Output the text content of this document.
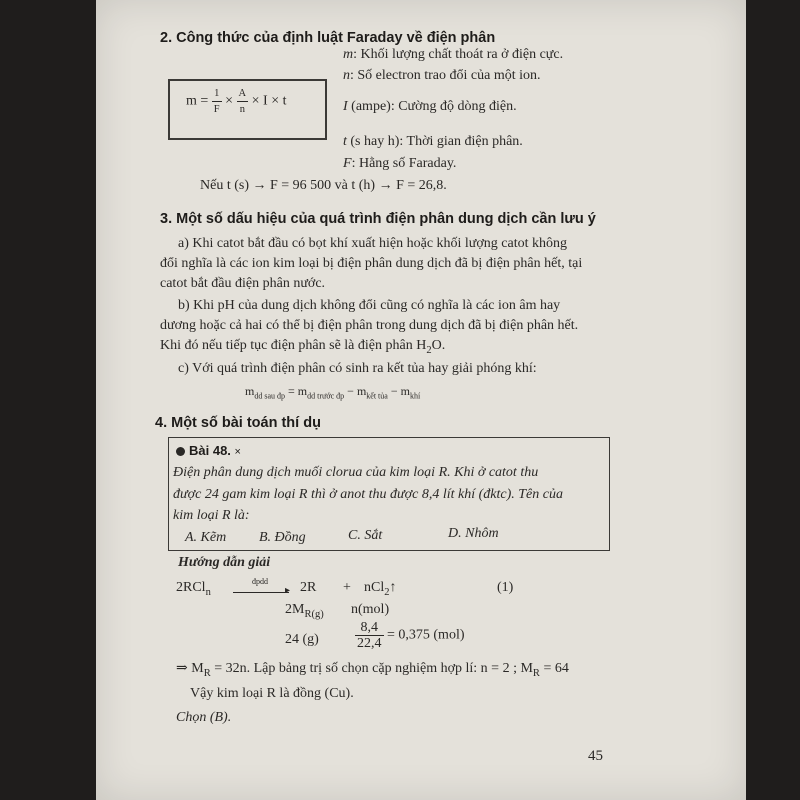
2. Công thức của định luật Faraday về điện phân
$m = \frac{1}{F} \times \frac{A}{n} \times I \times t$
m: Khối lượng chất thoát ra ở điện cực.
n: Số electron trao đổi của một ion.
I (ampe): Cường độ dòng điện.
t (s hay h): Thời gian điện phân.
F: Hằng số Faraday.
Nếu t (s) → F = 96 500 và t (h) → F = 26,8.
3. Một số dấu hiệu của quá trình điện phân dung dịch cần lưu ý
a) Khi catot bắt đầu có bọt khí xuất hiện hoặc khối lượng catot không
đổi nghĩa là các ion kim loại bị điện phân dung dịch đã bị điện phân hết, tại
catot bắt đầu điện phân nước.
b) Khi pH của dung dịch không đổi cũng có nghĩa là các ion âm hay
dương hoặc cả hai có thể bị điện phân trong dung dịch đã bị điện phân hết.
Khi đó nếu tiếp tục điện phân sẽ là điện phân $H_2O$.
c) Với quá trình điện phân có sinh ra kết tủa hay giải phóng khí:
$m_{dd sau đp} = m_{dd trước đp} - m_{kết tủa} - m_{khí}$
4. Một số bài toán thí dụ
Bài 48. ×
Điện phân dung dịch muối clorua của kim loại R. Khi ở catot thu
được 24 gam kim loại R thì ở anot thu được 8,4 lít khí (đktc). Tên của
kim loại R là:
A. Kẽm B. Đồng	C. Sắt	D. Nhôm
Hướng dẫn giải
2RCl$_n$
đpdd
▸ 2R + nCl$_2$↑	(1)
$2M_{R(g)}$ n(mol)
24 (g)	$\frac{8,4}{22,4} = 0,375$ (mol)
⇒ $M_R = 32n$. Lập bảng trị số chọn cặp nghiệm hợp lí: n = 2 ; $M_R = 64$
Vậy kim loại R là đồng (Cu).
Chọn (B).
45
